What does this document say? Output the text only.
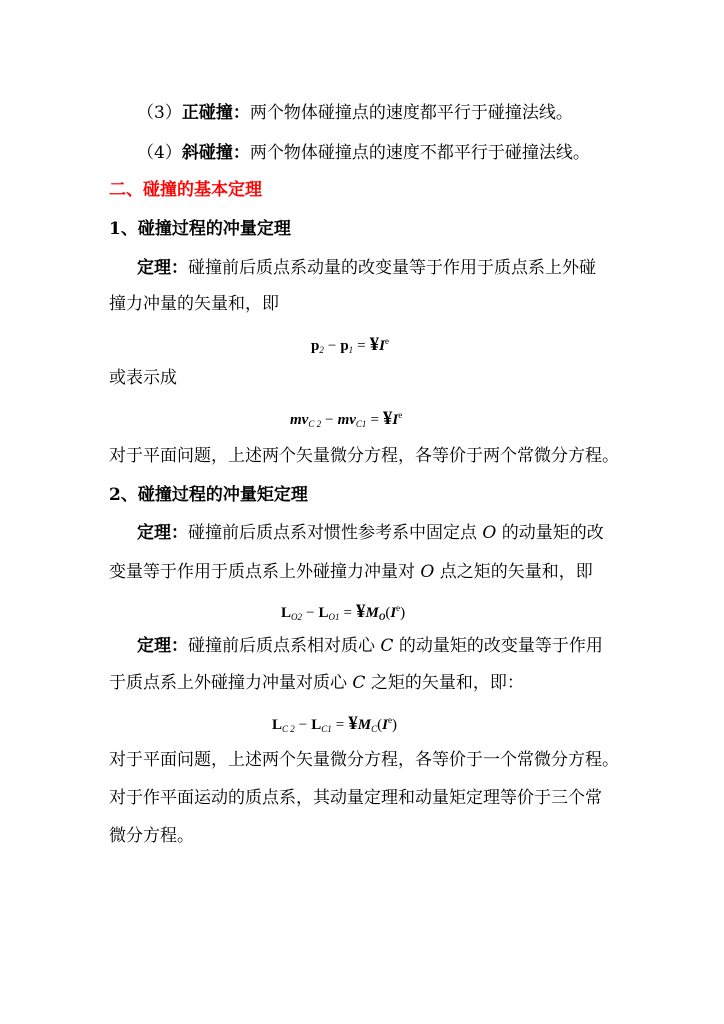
（3）正碰撞：两个物体碰撞点的速度都平行于碰撞法线。
（4）斜碰撞：两个物体碰撞点的速度不都平行于碰撞法线。
二、碰撞的基本定理
1、碰撞过程的冲量定理
定理：碰撞前后质点系动量的改变量等于作用于质点系上外碰
撞力冲量的矢量和，即
$p_2 - p_1$ = $¥I^e$
或表示成
$mv_{C 2} - mv_{C1}$ = $¥I^e$
对于平面问题，上述两个矢量微分方程，各等价于两个常微分方程。
2、碰撞过程的冲量矩定理
定理：碰撞前后质点系对惯性参考系中固定点 O 的动量矩的改
变量等于作用于质点系上外碰撞力冲量对 O 点之矩的矢量和，即
$L_{O2} - L_{O1}$ = $¥M_O(I^e)$
定理：碰撞前后质点系相对质心 C 的动量矩的改变量等于作用
于质点系上外碰撞力冲量对质心 C 之矩的矢量和，即：
$L_{C 2} - L_{C1}$ = $¥M_C(I^e)$
对于平面问题，上述两个矢量微分方程，各等价于一个常微分方程。
对于作平面运动的质点系，其动量定理和动量矩定理等价于三个常
微分方程。
